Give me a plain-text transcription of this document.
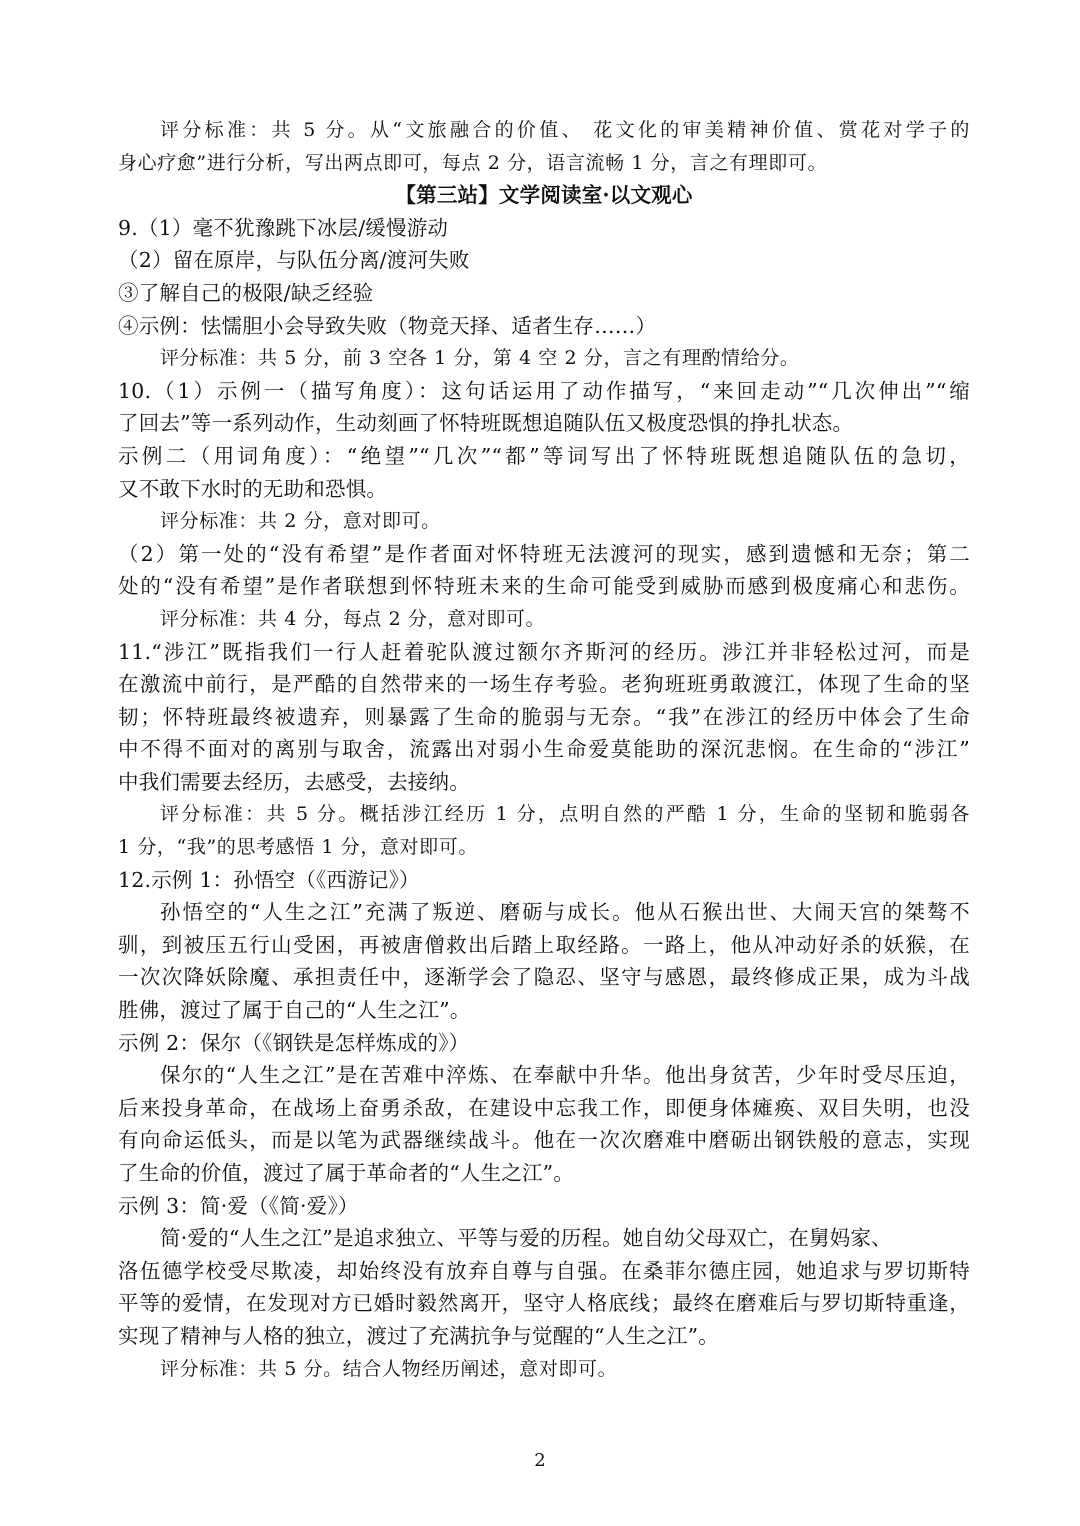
评分标准：共 5 分。从“文旅融合的价值、 花文化的审美精神价值、赏花对学子的
身心疗愈”进行分析，写出两点即可，每点 2 分，语言流畅 1 分，言之有理即可。
【第三站】文学阅读室·以文观心
9.（1）毫不犹豫跳下冰层/缓慢游动
（2）留在原岸，与队伍分离/渡河失败
③了解自己的极限/缺乏经验
④示例：怯懦胆小会导致失败（物竞天择、适者生存……）
评分标准：共 5 分，前 3 空各 1 分，第 4 空 2 分，言之有理酌情给分。
10.（1）示例一（描写角度）：这句话运用了动作描写，“来回走动”“几次伸出”“缩
了回去”等一系列动作，生动刻画了怀特班既想追随队伍又极度恐惧的挣扎状态。
示例二（用词角度）：“绝望”“几次”“都”等词写出了怀特班既想追随队伍的急切，
又不敢下水时的无助和恐惧。
评分标准：共 2 分，意对即可。
（2）第一处的“没有希望”是作者面对怀特班无法渡河的现实，感到遗憾和无奈；第二
处的“没有希望”是作者联想到怀特班未来的生命可能受到威胁而感到极度痛心和悲伤。
评分标准：共 4 分，每点 2 分，意对即可。
11.“涉江”既指我们一行人赶着驼队渡过额尔齐斯河的经历。涉江并非轻松过河，而是
在激流中前行，是严酷的自然带来的一场生存考验。老狗班班勇敢渡江，体现了生命的坚
韧；怀特班最终被遗弃，则暴露了生命的脆弱与无奈。“我”在涉江的经历中体会了生命
中不得不面对的离别与取舍，流露出对弱小生命爱莫能助的深沉悲悯。在生命的“涉江”
中我们需要去经历，去感受，去接纳。
评分标准：共 5 分。概括涉江经历 1 分，点明自然的严酷 1 分，生命的坚韧和脆弱各
1 分，“我”的思考感悟 1 分，意对即可。
12.示例 1：孙悟空（《西游记》）
孙悟空的“人生之江”充满了叛逆、磨砺与成长。他从石猴出世、大闹天宫的桀骜不
驯，到被压五行山受困，再被唐僧救出后踏上取经路。一路上，他从冲动好杀的妖猴，在
一次次降妖除魔、承担责任中，逐渐学会了隐忍、坚守与感恩，最终修成正果，成为斗战
胜佛，渡过了属于自己的“人生之江”。
示例 2：保尔（《钢铁是怎样炼成的》）
保尔的“人生之江”是在苦难中淬炼、在奉献中升华。他出身贫苦，少年时受尽压迫，
后来投身革命，在战场上奋勇杀敌，在建设中忘我工作，即便身体瘫痪、双目失明，也没
有向命运低头，而是以笔为武器继续战斗。他在一次次磨难中磨砺出钢铁般的意志，实现
了生命的价值，渡过了属于革命者的“人生之江”。
示例 3：简·爱（《简·爱》）
简·爱的“人生之江”是追求独立、平等与爱的历程。她自幼父母双亡，在舅妈家、
洛伍德学校受尽欺凌，却始终没有放弃自尊与自强。在桑菲尔德庄园，她追求与罗切斯特
平等的爱情，在发现对方已婚时毅然离开，坚守人格底线；最终在磨难后与罗切斯特重逢，
实现了精神与人格的独立，渡过了充满抗争与觉醒的“人生之江”。
评分标准：共 5 分。结合人物经历阐述，意对即可。
2
